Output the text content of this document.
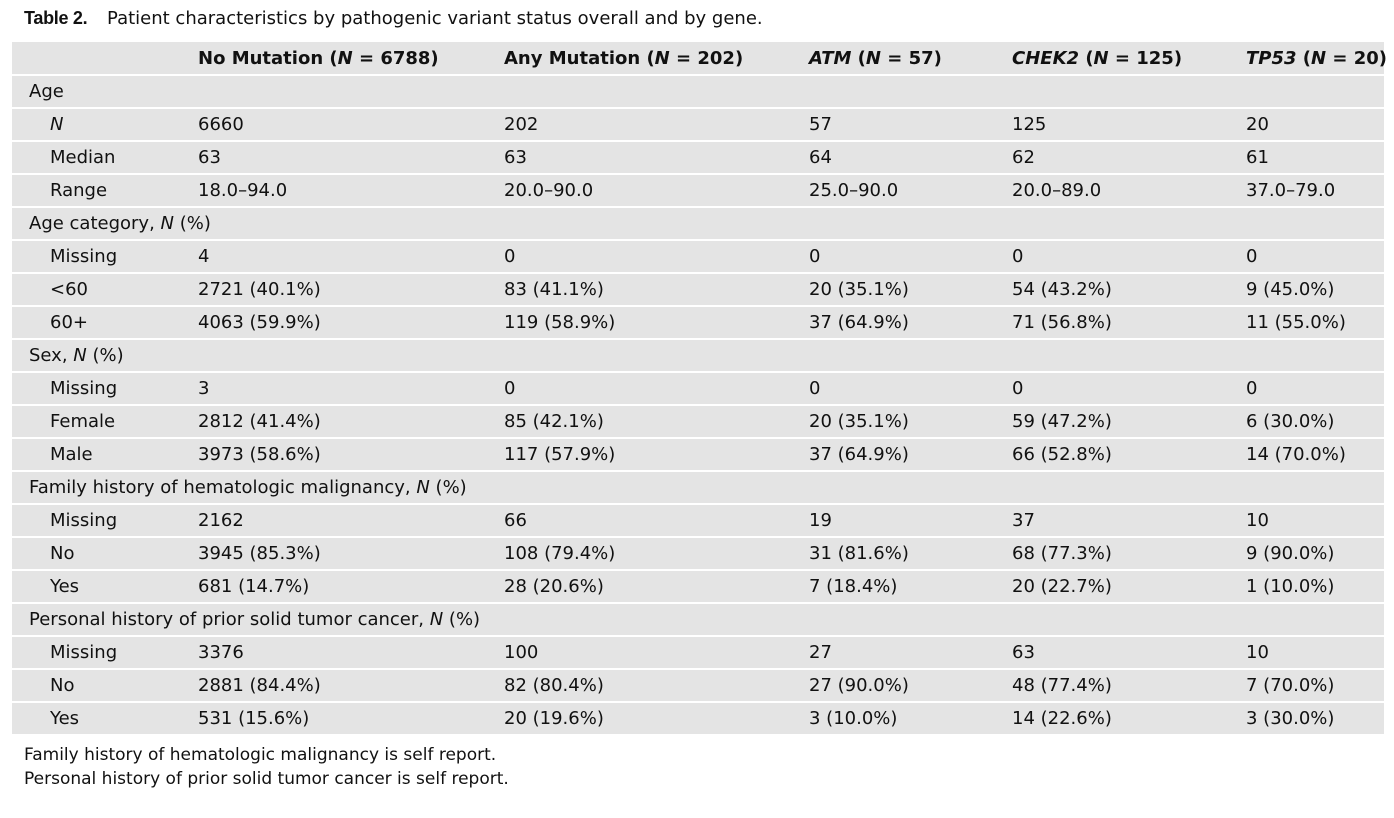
Table 2. Patient characteristics by pathogenic variant status overall and by gene.
	No Mutation (N = 6788)	Any Mutation (N = 202)	ATM (N = 57)	CHEK2 (N = 125)	TP53 (N = 20)
Age					
N	6660	202	57	125	20
Median	63	63	64	62	61
Range	18.0–94.0	20.0–90.0	25.0–90.0	20.0–89.0	37.0–79.0
Age category, N (%)					
Missing	4	0	0	0	0
<60	2721 (40.1%)	83 (41.1%)	20 (35.1%)	54 (43.2%)	9 (45.0%)
60+	4063 (59.9%)	119 (58.9%)	37 (64.9%)	71 (56.8%)	11 (55.0%)
Sex, N (%)					
Missing	3	0	0	0	0
Female	2812 (41.4%)	85 (42.1%)	20 (35.1%)	59 (47.2%)	6 (30.0%)
Male	3973 (58.6%)	117 (57.9%)	37 (64.9%)	66 (52.8%)	14 (70.0%)
Family history of hematologic malignancy, N (%)					
Missing	2162	66	19	37	10
No	3945 (85.3%)	108 (79.4%)	31 (81.6%)	68 (77.3%)	9 (90.0%)
Yes	681 (14.7%)	28 (20.6%)	7 (18.4%)	20 (22.7%)	1 (10.0%)
Personal history of prior solid tumor cancer, N (%)					
Missing	3376	100	27	63	10
No	2881 (84.4%)	82 (80.4%)	27 (90.0%)	48 (77.4%)	7 (70.0%)
Yes	531 (15.6%)	20 (19.6%)	3 (10.0%)	14 (22.6%)	3 (30.0%)
Family history of hematologic malignancy is self report.
Personal history of prior solid tumor cancer is self report.
